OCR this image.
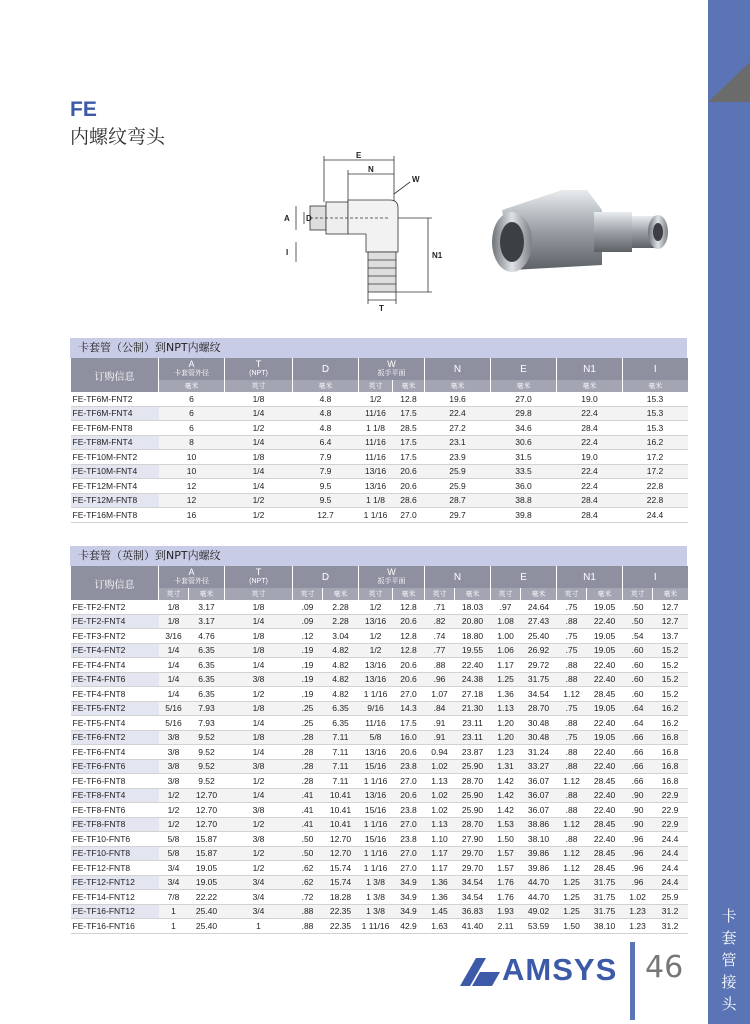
卡
套
管
接
头
FE
内螺纹弯头
E
N
W
A D
I	N1
T
卡套管（公制）到NPT内螺纹
订购信息	A
卡套管外径	T
(NPT)	D	W
扳手平面		N	E	N1	I
	毫米	英寸	毫米	英寸	毫米	毫米	毫米	毫米	毫米
FE-TF6M-FNT2	6	1/8	4.8	1/2	12.8	19.6	27.0	19.0	15.3
FE-TF6M-FNT4	6	1/4	4.8	11/16	17.5	22.4	29.8	22.4	15.3
FE-TF6M-FNT8	6	1/2	4.8	1 1/8	28.5	27.2	34.6	28.4	15.3
FE-TF8M-FNT4	8	1/4	6.4	11/16	17.5	23.1	30.6	22.4	16.2
FE-TF10M-FNT2	10	1/8	7.9	11/16	17.5	23.9	31.5	19.0	17.2
FE-TF10M-FNT4	10	1/4	7.9	13/16	20.6	25.9	33.5	22.4	17.2
FE-TF12M-FNT4	12	1/4	9.5	13/16	20.6	25.9	36.0	22.4	22.8
FE-TF12M-FNT8	12	1/2	9.5	1 1/8	28.6	28.7	38.8	28.4	22.8
FE-TF16M-FNT8	16	1/2	12.7	1 1/16	27.0	29.7	39.8	28.4	24.4
卡套管（英制）到NPT内螺纹
订购信息	A
卡套管外径		T
(NPT)	D		W
扳手平面		N		E		N1		I	
	英寸	毫米	英寸	英寸	毫米	英寸	毫米	英寸	毫米	英寸	毫米	英寸	毫米	英寸	毫米
FE-TF2-FNT2	1/8	3.17	1/8	.09	2.28	1/2	12.8	.71	18.03	.97	24.64	.75	19.05	.50	12.7
FE-TF2-FNT4	1/8	3.17	1/4	.09	2.28	13/16	20.6	.82	20.80	1.08	27.43	.88	22.40	.50	12.7
FE-TF3-FNT2	3/16	4.76	1/8	.12	3.04	1/2	12.8	.74	18.80	1.00	25.40	.75	19.05	.54	13.7
FE-TF4-FNT2	1/4	6.35	1/8	.19	4.82	1/2	12.8	.77	19.55	1.06	26.92	.75	19.05	.60	15.2
FE-TF4-FNT4	1/4	6.35	1/4	.19	4.82	13/16	20.6	.88	22.40	1.17	29.72	.88	22.40	.60	15.2
FE-TF4-FNT6	1/4	6.35	3/8	.19	4.82	13/16	20.6	.96	24.38	1.25	31.75	.88	22.40	.60	15.2
FE-TF4-FNT8	1/4	6.35	1/2	.19	4.82	1 1/16	27.0	1.07	27.18	1.36	34.54	1.12	28.45	.60	15.2
FE-TF5-FNT2	5/16	7.93	1/8	.25	6.35	9/16	14.3	.84	21.30	1.13	28.70	.75	19.05	.64	16.2
FE-TF5-FNT4	5/16	7.93	1/4	.25	6.35	11/16	17.5	.91	23.11	1.20	30.48	.88	22.40	.64	16.2
FE-TF6-FNT2	3/8	9.52	1/8	.28	7.11	5/8	16.0	.91	23.11	1.20	30.48	.75	19.05	.66	16.8
FE-TF6-FNT4	3/8	9.52	1/4	.28	7.11	13/16	20.6	0.94	23.87	1.23	31.24	.88	22.40	.66	16.8
FE-TF6-FNT6	3/8	9.52	3/8	.28	7.11	15/16	23.8	1.02	25.90	1.31	33.27	.88	22.40	.66	16.8
FE-TF6-FNT8	3/8	9.52	1/2	.28	7.11	1 1/16	27.0	1.13	28.70	1.42	36.07	1.12	28.45	.66	16.8
FE-TF8-FNT4	1/2	12.70	1/4	.41	10.41	13/16	20.6	1.02	25.90	1.42	36.07	.88	22.40	.90	22.9
FE-TF8-FNT6	1/2	12.70	3/8	.41	10.41	15/16	23.8	1.02	25.90	1.42	36.07	.88	22.40	.90	22.9
FE-TF8-FNT8	1/2	12.70	1/2	.41	10.41	1 1/16	27.0	1.13	28.70	1.53	38.86	1.12	28.45	.90	22.9
FE-TF10-FNT6	5/8	15.87	3/8	.50	12.70	15/16	23.8	1.10	27.90	1.50	38.10	.88	22.40	.96	24.4
FE-TF10-FNT8	5/8	15.87	1/2	.50	12.70	1 1/16	27.0	1.17	29.70	1.57	39.86	1.12	28.45	.96	24.4
FE-TF12-FNT8	3/4	19.05	1/2	.62	15.74	1 1/16	27.0	1.17	29.70	1.57	39.86	1.12	28.45	.96	24.4
FE-TF12-FNT12	3/4	19.05	3/4	.62	15.74	1 3/8	34.9	1.36	34.54	1.76	44.70	1.25	31.75	.96	24.4
FE-TF14-FNT12	7/8	22.22	3/4	.72	18.28	1 3/8	34.9	1.36	34.54	1.76	44.70	1.25	31.75	1.02	25.9
FE-TF16-FNT12	1	25.40	3/4	.88	22.35	1 3/8	34.9	1.45	36.83	1.93	49.02	1.25	31.75	1.23	31.2
FE-TF16-FNT16	1	25.40	1	.88	22.35	1 11/16	42.9	1.63	41.40	2.11	53.59	1.50	38.10	1.23	31.2
AMSYS 46
